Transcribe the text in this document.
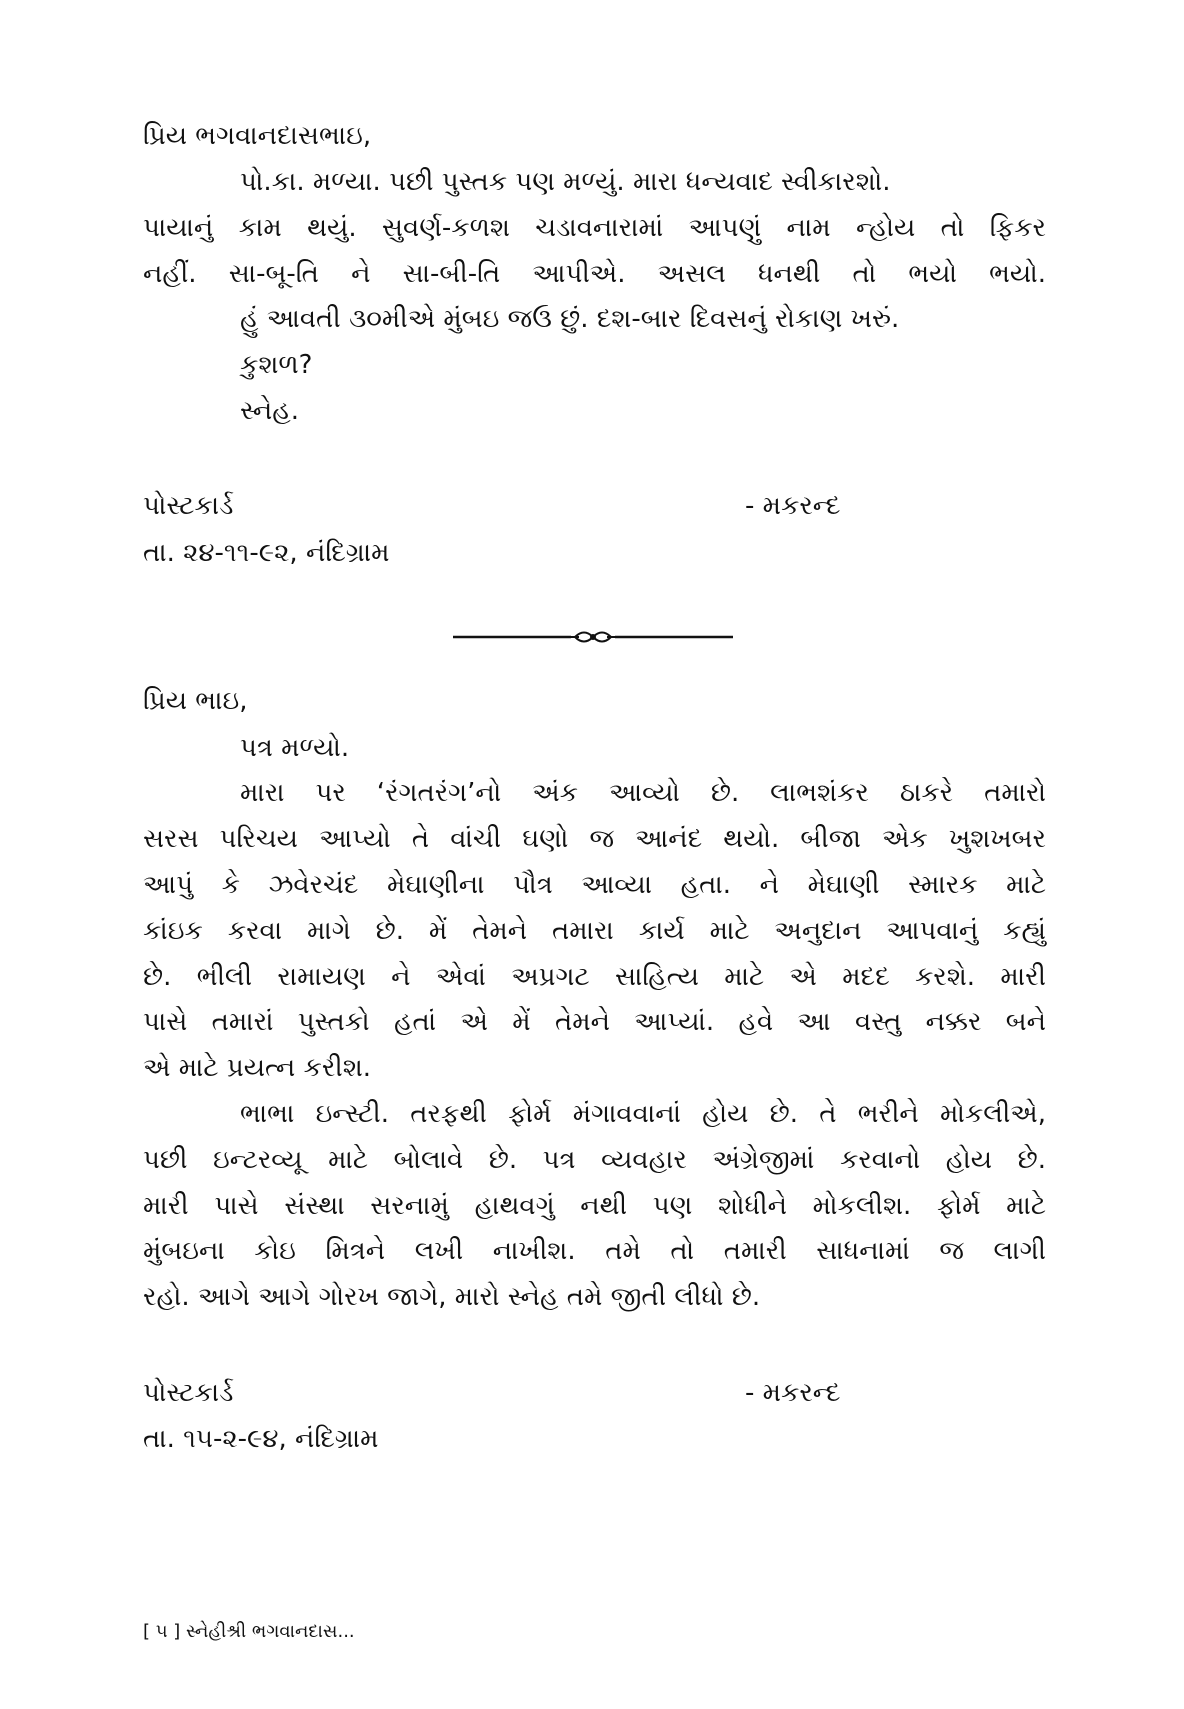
પ્રિય ભગવાનદાસભાઇ,
પો.કા. મળ્યા. પછી પુસ્તક પણ મળ્યું. મારા ધન્યવાદ સ્વીકારશો.
પાયાનું કામ થયું. સુવર્ણ-કળશ ચડાવનારામાં આપણું નામ ન્હોય તો ફિકર
નહીં. સા-બૂ-તિ ને સા-બી-તિ આપીએ. અસલ ધનથી તો ભયો ભયો.
હું આવતી ૩૦મીએ મુંબઇ જઉ છું. દશ-બાર દિવસનું રોકાણ ખરું.
કુશળ?
સ્નેહ.
પોસ્ટકાર્ડ	- મકરન્દ
તા. ૨૪-૧૧-૯૨, નંદિગ્રામ
પ્રિય ભાઇ,
પત્ર મળ્યો.
મારા પર ‘રંગતરંગ’નો અંક આવ્યો છે. લાભશંકર ઠાકરે તમારો
સરસ પરિચય આપ્યો તે વાંચી ઘણો જ આનંદ થયો. બીજા એક ખુશખબર
આપું કે ઝવેરચંદ મેઘાણીના પૌત્ર આવ્યા હતા. ને મેઘાણી સ્મારક માટે
કાંઇક કરવા માગે છે. મેં તેમને તમારા કાર્ય માટે અનુદાન આપવાનું કહ્યું
છે. ભીલી રામાયણ ને એવાં અપ્રગટ સાહિત્ય માટે એ મદદ કરશે. મારી
પાસે તમારાં પુસ્તકો હતાં એ મેં તેમને આપ્યાં. હવે આ વસ્તુ નક્કર બને
એ માટે પ્રયત્ન કરીશ.
ભાભા ઇન્સ્ટી. તરફથી ફોર્મ મંગાવવાનાં હોય છે. તે ભરીને મોકલીએ,
પછી ઇન્ટરવ્યૂ માટે બોલાવે છે. પત્ર વ્યવહાર અંગ્રેજીમાં કરવાનો હોય છે.
મારી પાસે સંસ્થા સરનામું હાથવગું નથી પણ શોધીને મોકલીશ. ફોર્મ માટે
મુંબઇના કોઇ મિત્રને લખી નાખીશ. તમે તો તમારી સાધનામાં જ લાગી
રહો. આગે આગે ગોરખ જાગે, મારો સ્નેહ તમે જીતી લીધો છે.
પોસ્ટકાર્ડ	- મકરન્દ
તા. ૧૫-૨-૯૪, નંદિગ્રામ
[ ૫ ] સ્નેહીશ્રી ભગવાનદાસ...
